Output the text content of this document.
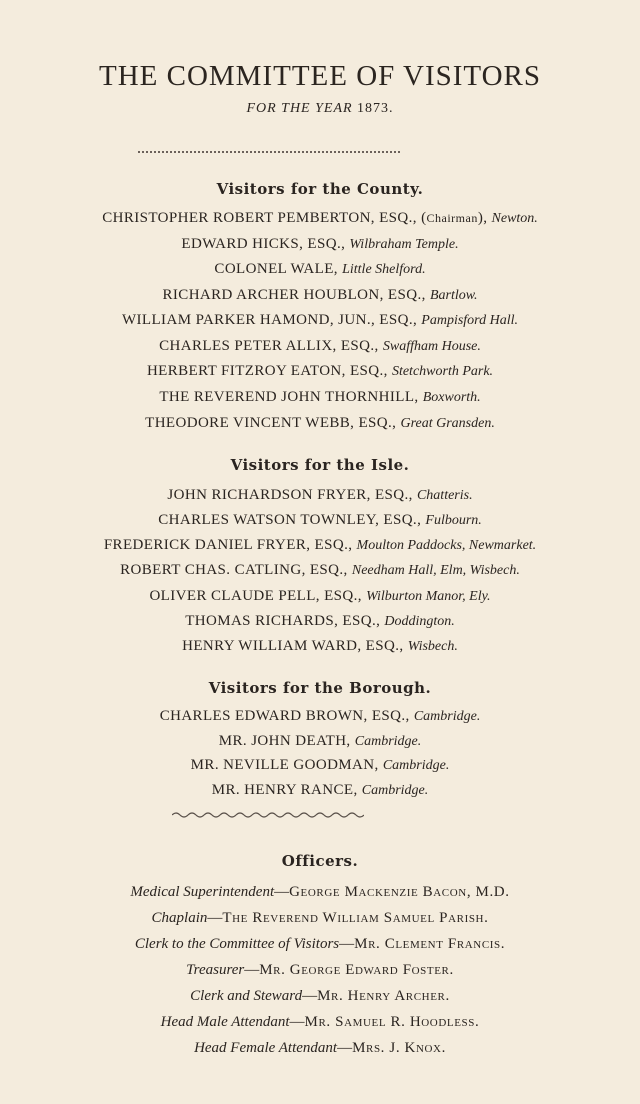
THE COMMITTEE OF VISITORS
FOR THE YEAR 1873.
Visitors for the County.
CHRISTOPHER ROBERT PEMBERTON, ESQ., (Chairman), Newton.
EDWARD HICKS, ESQ., Wilbraham Temple.
COLONEL WALE, Little Shelford.
RICHARD ARCHER HOUBLON, ESQ., Bartlow.
WILLIAM PARKER HAMOND, JUN., ESQ., Pampisford Hall.
CHARLES PETER ALLIX, ESQ., Swaffham House.
HERBERT FITZROY EATON, ESQ., Stetchworth Park.
THE REVEREND JOHN THORNHILL, Boxworth.
THEODORE VINCENT WEBB, ESQ., Great Gransden.
Visitors for the Isle.
JOHN RICHARDSON FRYER, ESQ., Chatteris.
CHARLES WATSON TOWNLEY, ESQ., Fulbourn.
FREDERICK DANIEL FRYER, ESQ., Moulton Paddocks, Newmarket.
ROBERT CHAS. CATLING, ESQ., Needham Hall, Elm, Wisbech.
OLIVER CLAUDE PELL, ESQ., Wilburton Manor, Ely.
THOMAS RICHARDS, ESQ., Doddington.
HENRY WILLIAM WARD, ESQ., Wisbech.
Visitors for the Borough.
CHARLES EDWARD BROWN, ESQ., Cambridge.
MR. JOHN DEATH, Cambridge.
MR. NEVILLE GOODMAN, Cambridge.
MR. HENRY RANCE, Cambridge.
Officers.
Medical Superintendent—George Mackenzie Bacon, M.D.
Chaplain—The Reverend William Samuel Parish.
Clerk to the Committee of Visitors—Mr. Clement Francis.
Treasurer—Mr. George Edward Foster.
Clerk and Steward—Mr. Henry Archer.
Head Male Attendant—Mr. Samuel R. Hoodless.
Head Female Attendant—Mrs. J. Knox.
